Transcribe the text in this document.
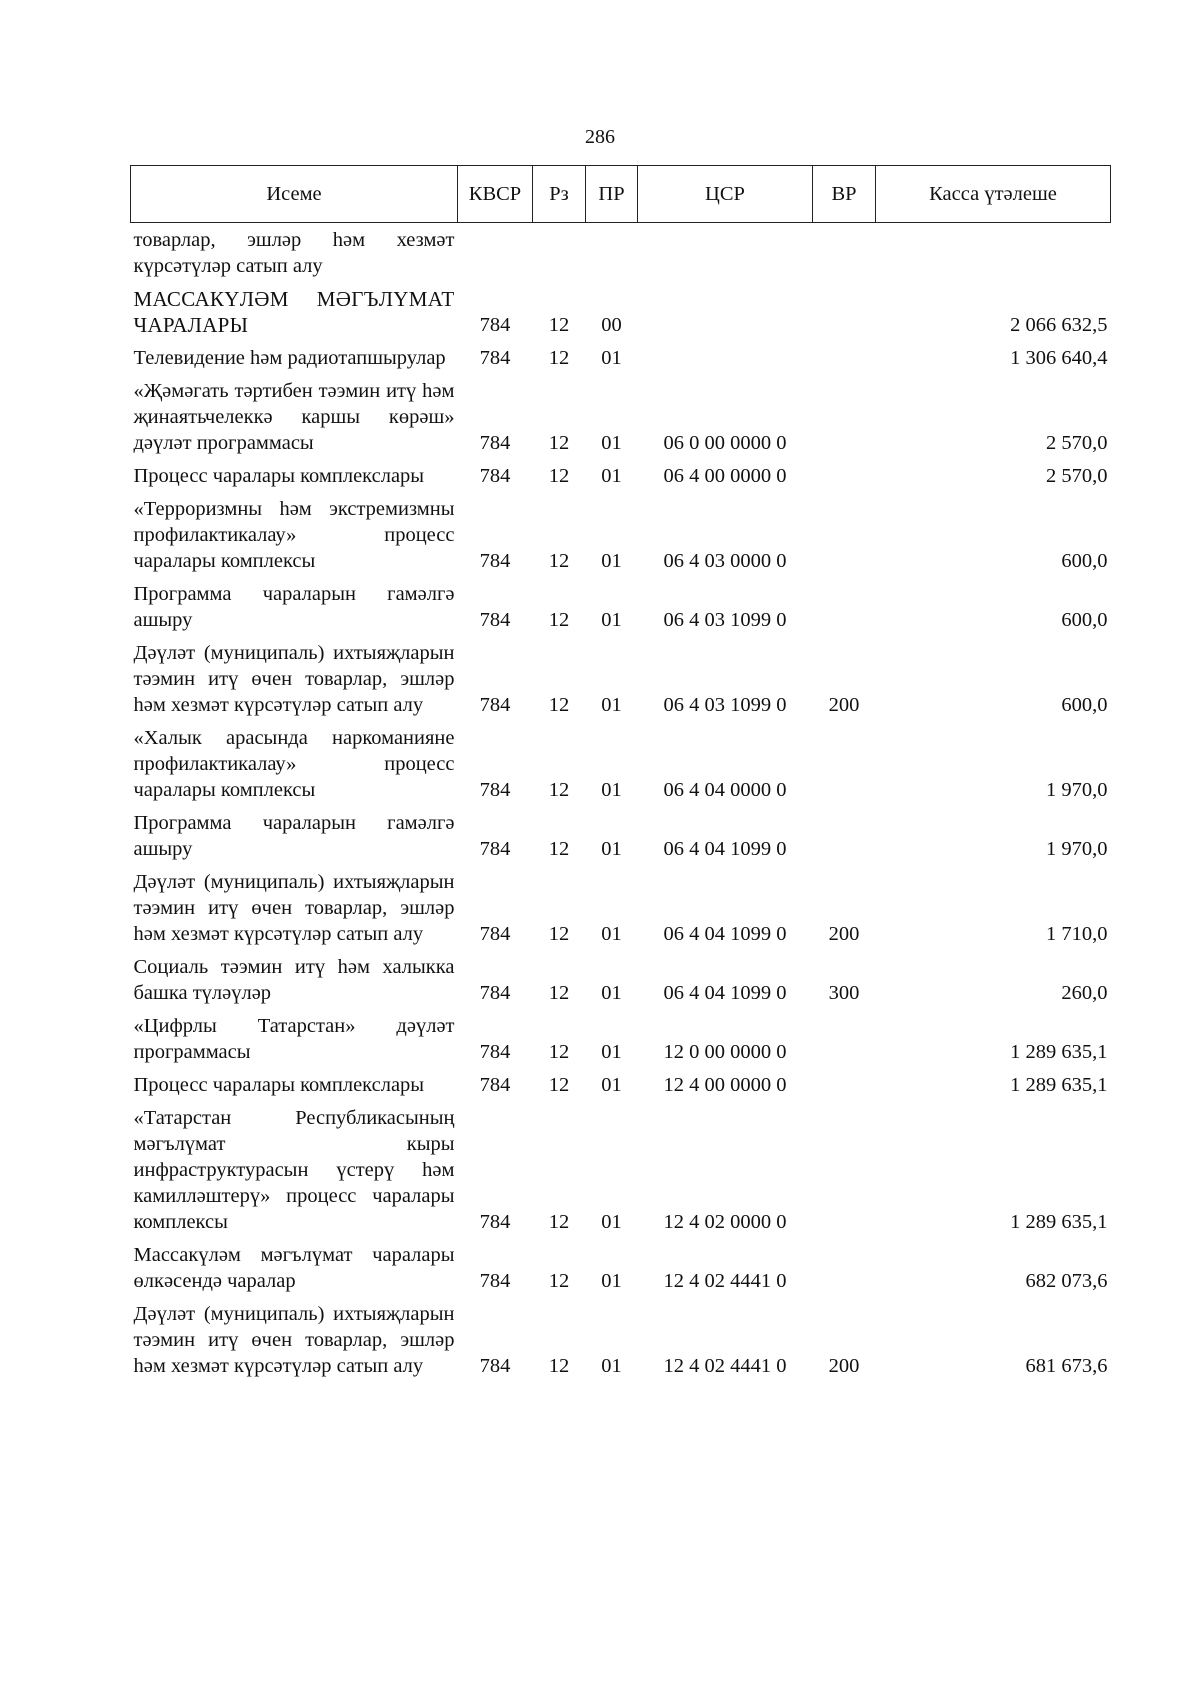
286
Исеме	КВСР	Рз	ПР	ЦСР	ВР	Касса үтәлеше
товарлар, эшләр һәм хезмәт күрсәтүләр сатып алу						
МАССАКҮЛӘМ МӘГЪЛҮМАТ ЧАРАЛАРЫ	784	12	00			2 066 632,5
Телевидение һәм радиотапшырулар	784	12	01			1 306 640,4
«Җәмәгать тәртибен тәэмин итү һәм җинаятьчелеккә каршы көрәш» дәүләт программасы	784	12	01	06 0 00 0000 0		2 570,0
Процесс чаралары комплекслары	784	12	01	06 4 00 0000 0		2 570,0
«Терроризмны һәм экстремизмны профилактикалау» процесс чаралары комплексы	784	12	01	06 4 03 0000 0		600,0
Программа чараларын гамәлгә ашыру	784	12	01	06 4 03 1099 0		600,0
Дәүләт (муниципаль) ихтыяҗларын тәэмин итү өчен товарлар, эшләр һәм хезмәт күрсәтүләр сатып алу	784	12	01	06 4 03 1099 0	200	600,0
«Халык арасында наркоманияне профилактикалау» процесс чаралары комплексы	784	12	01	06 4 04 0000 0		1 970,0
Программа чараларын гамәлгә ашыру	784	12	01	06 4 04 1099 0		1 970,0
Дәүләт (муниципаль) ихтыяҗларын тәэмин итү өчен товарлар, эшләр һәм хезмәт күрсәтүләр сатып алу	784	12	01	06 4 04 1099 0	200	1 710,0
Социаль тәэмин итү һәм халыкка башка түләүләр	784	12	01	06 4 04 1099 0	300	260,0
«Цифрлы Татарстан» дәүләт программасы	784	12	01	12 0 00 0000 0		1 289 635,1
Процесс чаралары комплекслары	784	12	01	12 4 00 0000 0		1 289 635,1
«Татарстан Республикасының мәгълүмат кыры инфраструктурасын үстерү һәм камилләштерү» процесс чаралары комплексы	784	12	01	12 4 02 0000 0		1 289 635,1
Массакүләм мәгълүмат чаралары өлкәсендә чаралар	784	12	01	12 4 02 4441 0		682 073,6
Дәүләт (муниципаль) ихтыяҗларын тәэмин итү өчен товарлар, эшләр һәм хезмәт күрсәтүләр сатып алу	784	12	01	12 4 02 4441 0	200	681 673,6
